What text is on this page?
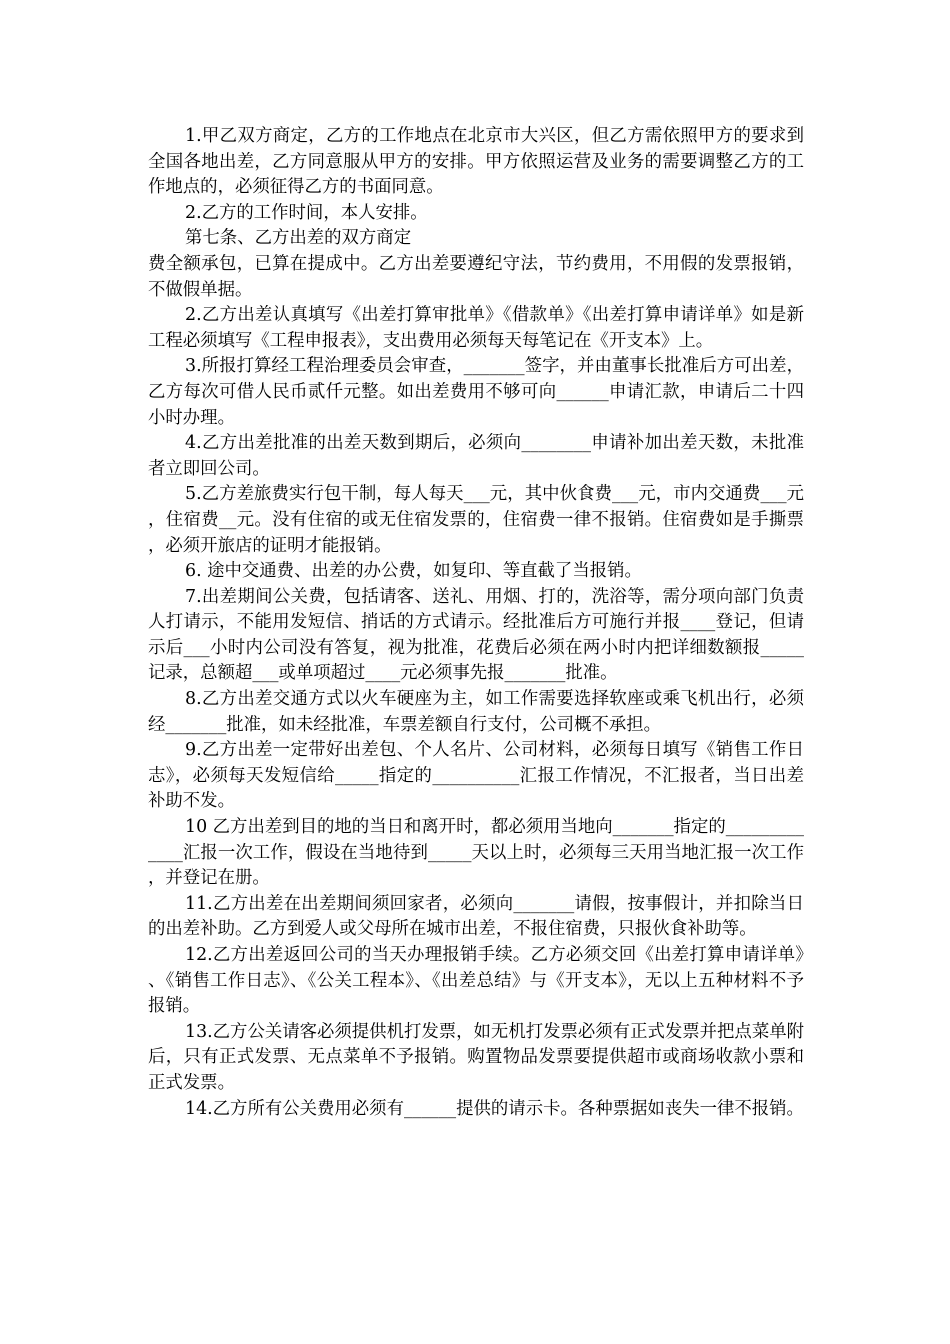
1.甲乙双方商定，乙方的工作地点在北京市大兴区，但乙方需依照甲方的要求到全国各地出差，乙方同意服从甲方的安排。甲方依照运营及业务的需要调整乙方的工作地点的，必须征得乙方的书面同意。

2.乙方的工作时间，本人安排。

第七条、乙方出差的双方商定

费全额承包，已算在提成中。乙方出差要遵纪守法，节约费用，不用假的发票报销，不做假单据。

2.乙方出差认真填写《出差打算审批单》《借款单》《出差打算申请详单》如是新工程必须填写《工程申报表》，支出费用必须每天每笔记在《开支本》上。

3.所报打算经工程治理委员会审查，_______签字，并由董事长批准后方可出差，乙方每次可借人民币贰仟元整。如出差费用不够可向______申请汇款，申请后二十四小时办理。

4.乙方出差批准的出差天数到期后，必须向________申请补加出差天数，未批准者立即回公司。

5.乙方差旅费实行包干制，每人每天___元，其中伙食费___元，市内交通费___元，住宿费__元。没有住宿的或无住宿发票的，住宿费一律不报销。住宿费如是手撕票，必须开旅店的证明才能报销。

6. 途中交通费、出差的办公费，如复印、等直截了当报销。

7.出差期间公关费，包括请客、送礼、用烟、打的，洗浴等，需分项向部门负责人打请示，不能用发短信、捎话的方式请示。经批准后方可施行并报____登记，但请示后___小时内公司没有答复，视为批准，花费后必须在两小时内把详细数额报_____记录，总额超___或单项超过____元必须事先报_______批准。

8.乙方出差交通方式以火车硬座为主，如工作需要选择软座或乘飞机出行，必须经_______批准，如未经批准，车票差额自行支付，公司概不承担。

9.乙方出差一定带好出差包、个人名片、公司材料，必须每日填写《销售工作日志》，必须每天发短信给_____指定的__________汇报工作情况，不汇报者，当日出差补助不发。

10 乙方出差到目的地的当日和离开时，都必须用当地向_______指定的_____________汇报一次工作，假设在当地待到_____天以上时，必须每三天用当地汇报一次工作，并登记在册。

11.乙方出差在出差期间须回家者，必须向_______请假，按事假计，并扣除当日的出差补助。乙方到爱人或父母所在城市出差，不报住宿费，只报伙食补助等。

12.乙方出差返回公司的当天办理报销手续。乙方必须交回《出差打算申请详单》、《销售工作日志》、《公关工程本》、《出差总结》与《开支本》，无以上五种材料不予报销。

13.乙方公关请客必须提供机打发票，如无机打发票必须有正式发票并把点菜单附后，只有正式发票、无点菜单不予报销。购置物品发票要提供超市或商场收款小票和正式发票。

14.乙方所有公关费用必须有______提供的请示卡。各种票据如丧失一律不报销。
